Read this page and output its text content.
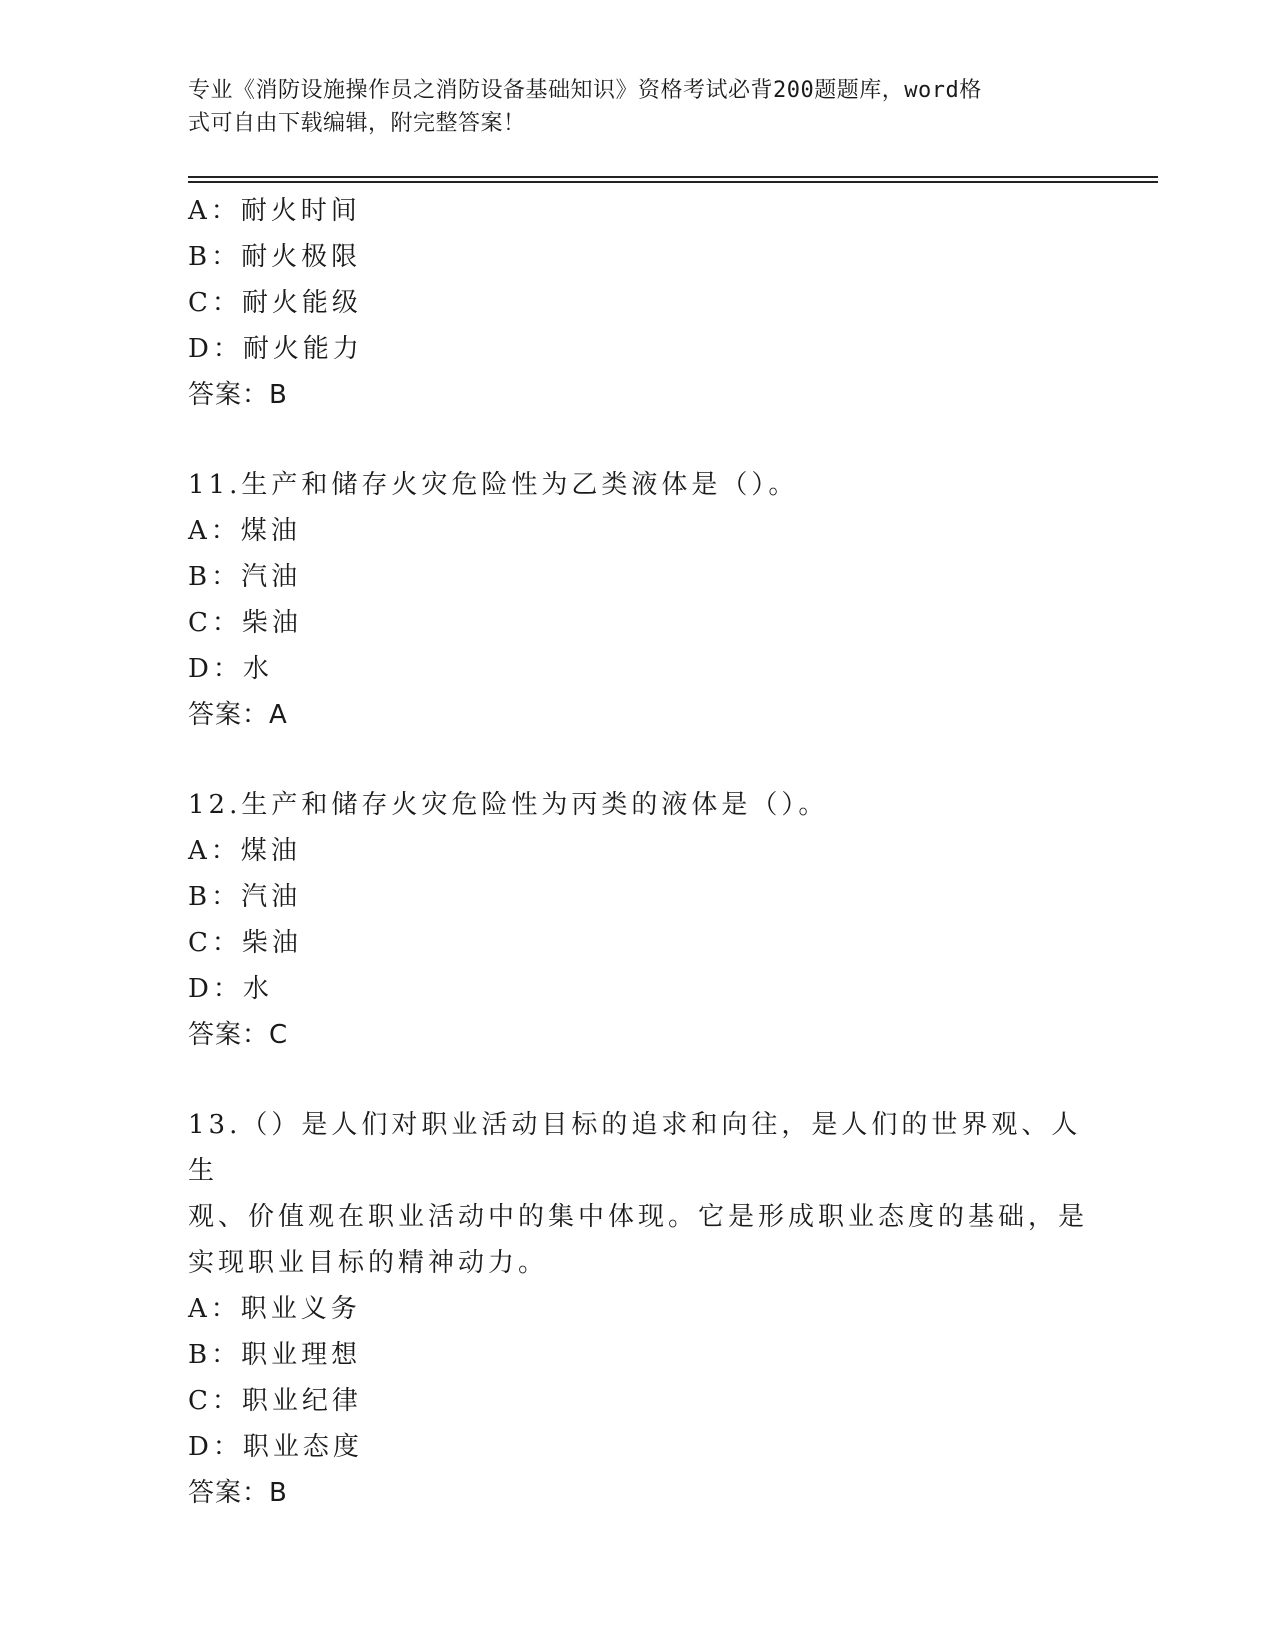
专业《消防设施操作员之消防设备基础知识》资格考试必背200题题库，word格
式可自由下载编辑，附完整答案！
A：耐火时间
B：耐火极限
C：耐火能级
D：耐火能力
答案：B
11.生产和储存火灾危险性为乙类液体是（）。
A：煤油
B：汽油
C：柴油
D：水
答案：A
12.生产和储存火灾危险性为丙类的液体是（）。
A：煤油
B：汽油
C：柴油
D：水
答案：C
13.（）是人们对职业活动目标的追求和向往，是人们的世界观、人生
观、价值观在职业活动中的集中体现。它是形成职业态度的基础，是
实现职业目标的精神动力。
A：职业义务
B：职业理想
C：职业纪律
D：职业态度
答案：B
